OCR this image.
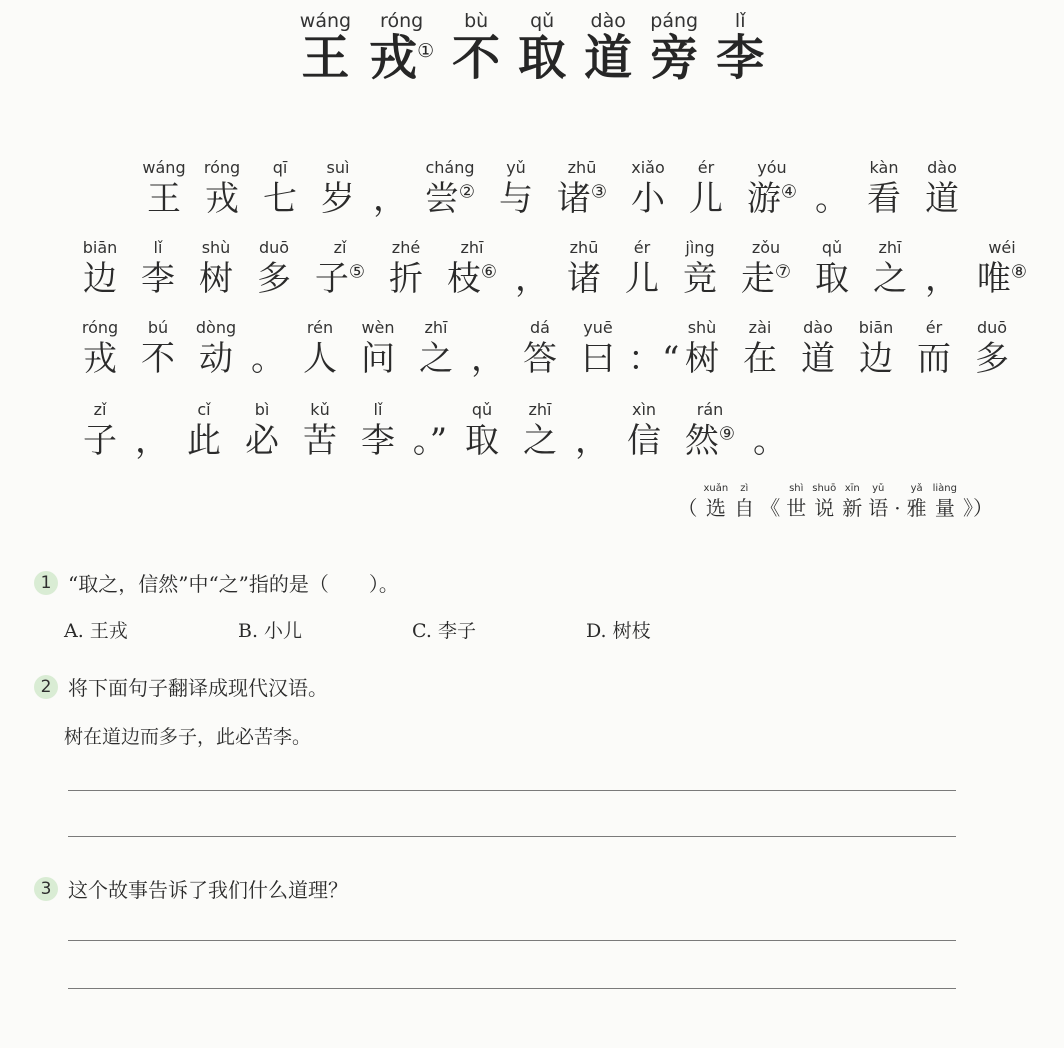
wáng
王
róng
戎①
bù
不
qǔ
取
dào
道
páng
旁
lǐ
李
wáng
王
róng
戎
qī
七
suì
岁 ，
cháng
尝②
yǔ
与
zhū
诸③
xiǎo
小
ér
儿
yóu
游④ 。
kàn
看
dào
道
biān
边
lǐ
李
shù
树
duō
多
zǐ
子⑤
zhé
折
zhī
枝⑥ ，
zhū
诸
ér
儿
jìng
竞
zǒu
走⑦
qǔ
取
zhī
之 ，
wéi
唯⑧
róng
戎
bú
不
dòng
动 。
rén
人
wèn
问
zhī
之 ，
dá
答
yuē
曰 ：“
shù
树
zài
在
dào
道
biān
边
ér
而
duō
多
zǐ
子 ，
cǐ
此
bì
必
kǔ
苦
lǐ
李 。”
qǔ
取
zhī
之 ，
xìn
信
rán
然⑨ 。
（
xuǎn
选
zì
自 《
shì
世
shuō
说
xīn
新
yǔ
语 ·
yǎ
雅
liàng
量 》）
1 “取之，信然”中“之”指的是（　　）。
A. 王戎	B. 小儿	C. 李子	D. 树枝
2 将下面句子翻译成现代汉语。
树在道边而多子，此必苦李。
3 这个故事告诉了我们什么道理？
